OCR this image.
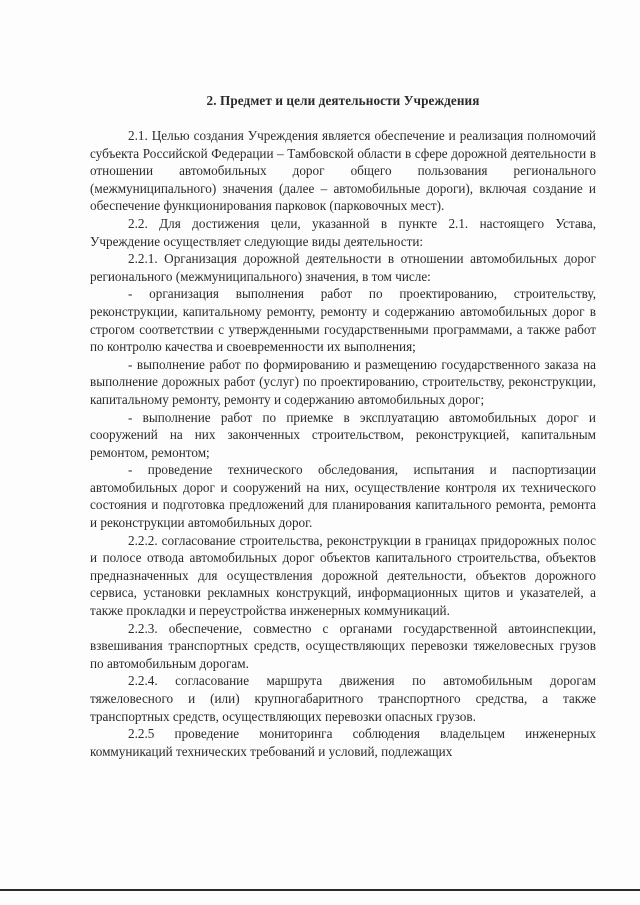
2. Предмет и цели деятельности Учреждения

2.1. Целью создания Учреждения является обеспечение и реализация полномочий субъекта Российской Федерации – Тамбовской области в сфере дорожной деятельности в отношении автомобильных дорог общего пользования регионального (межмуниципального) значения (далее – автомобильные дороги), включая создание и обеспечение функционирования парковок (парковочных мест).

2.2. Для достижения цели, указанной в пункте 2.1. настоящего Устава, Учреждение осуществляет следующие виды деятельности:

2.2.1. Организация дорожной деятельности в отношении автомобильных дорог регионального (межмуниципального) значения, в том числе:

- организация выполнения работ по проектированию, строительству, реконструкции, капитальному ремонту, ремонту и содержанию автомобильных дорог в строгом соответствии с утвержденными государственными программами, а также работ по контролю качества и своевременности их выполнения;

- выполнение работ по формированию и размещению государственного заказа на выполнение дорожных работ (услуг) по проектированию, строительству, реконструкции, капитальному ремонту, ремонту и содержанию автомобильных дорог;

- выполнение работ по приемке в эксплуатацию автомобильных дорог и сооружений на них законченных строительством, реконструкцией, капитальным ремонтом, ремонтом;

- проведение технического обследования, испытания и паспортизации автомобильных дорог и сооружений на них, осуществление контроля их технического состояния и подготовка предложений для планирования капитального ремонта, ремонта и реконструкции автомобильных дорог.

2.2.2. согласование строительства, реконструкции в границах придорожных полос и полосе отвода автомобильных дорог объектов капитального строительства, объектов предназначенных для осуществления дорожной деятельности, объектов дорожного сервиса, установки рекламных конструкций, информационных щитов и указателей, а также прокладки и переустройства инженерных коммуникаций.

2.2.3. обеспечение, совместно с органами государственной автоинспекции, взвешивания транспортных средств, осуществляющих перевозки тяжеловесных грузов по автомобильным дорогам.

2.2.4. согласование маршрута движения по автомобильным дорогам тяжеловесного и (или) крупногабаритного транспортного средства, а также транспортных средств, осуществляющих перевозки опасных грузов.

2.2.5 проведение мониторинга соблюдения владельцем инженерных коммуникаций технических требований и условий, подлежащих
